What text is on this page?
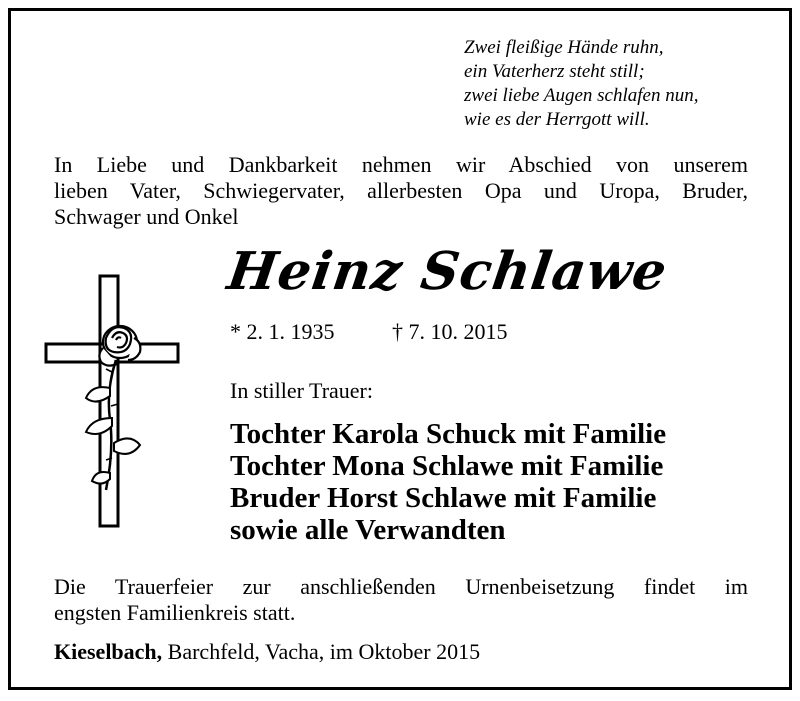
Zwei fleißige Hände ruhn,
ein Vaterherz steht still;
zwei liebe Augen schlafen nun,
wie es der Herrgott will.
In Liebe und Dankbarkeit nehmen wir Abschied von unserem
lieben Vater, Schwiegervater, allerbesten Opa und Uropa, Bruder,
Schwager und Onkel
Heinz Schlawe
* 2. 1. 1935	† 7. 10. 2015
In stiller Trauer:
Tochter Karola Schuck mit Familie
Tochter Mona Schlawe mit Familie
Bruder Horst Schlawe mit Familie
sowie alle Verwandten
Die Trauerfeier zur anschließenden Urnenbeisetzung findet im
engsten Familienkreis statt.
Kieselbach, Barchfeld, Vacha, im Oktober 2015
